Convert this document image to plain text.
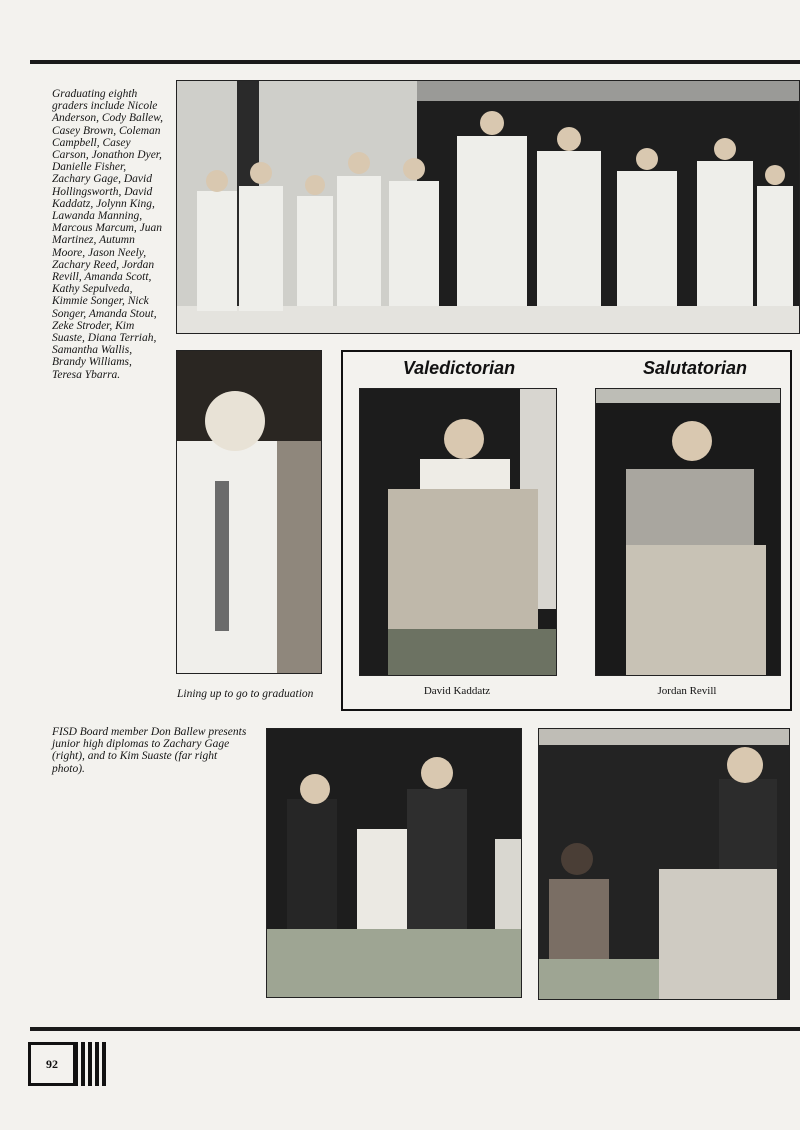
Graduating eighth graders include Nicole Anderson, Cody Ballew, Casey Brown, Coleman Campbell, Casey Carson, Jonathon Dyer, Danielle Fisher, Zachary Gage, David Hollingsworth, David Kaddatz, Jolynn King, Lawanda Manning, Marcous Marcum, Juan Martinez, Autumn Moore, Jason Neely, Zachary Reed, Jordan Revill, Amanda Scott, Kathy Sepulveda, Kimmie Songer, Nick Songer, Amanda Stout, Zeke Stroder, Kim Suaste, Diana Terriah, Samantha Wallis, Brandy Williams, Teresa Ybarra.
Lining up to go to graduation
Valedictorian	Salutatorian
David Kaddatz	Jordan Revill
FISD Board member Don Ballew presents junior high diplomas to Zachary Gage (right), and to Kim Suaste (far right photo).
92
